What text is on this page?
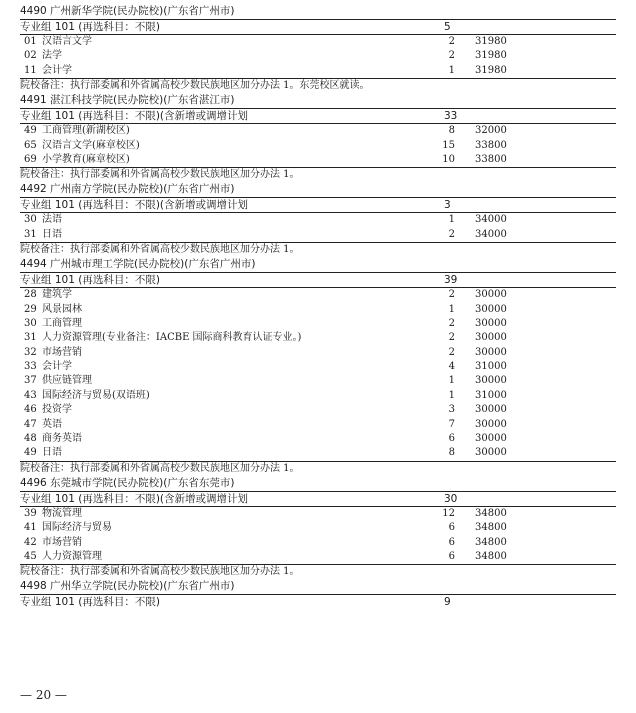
4490 广州新华学院(民办院校)(广东省广州市)
专业组 101 (再选科目：不限)	5
01 汉语言文学	2 31980
02 法学	2 31980
11 会计学	1 31980
院校备注：执行部委属和外省属高校少数民族地区加分办法 1。东莞校区就读。
4491 湛江科技学院(民办院校)(广东省湛江市)
专业组 101 (再选科目：不限)(含新增或调增计划	33
49 工商管理(新湖校区)	8 32000
65 汉语言文学(麻章校区)	15 33800
69 小学教育(麻章校区)	10 33800
院校备注：执行部委属和外省属高校少数民族地区加分办法 1。
4492 广州南方学院(民办院校)(广东省广州市)
专业组 101 (再选科目：不限)(含新增或调增计划	3
30 法语	1 34000
31 日语	2 34000
院校备注：执行部委属和外省属高校少数民族地区加分办法 1。
4494 广州城市理工学院(民办院校)(广东省广州市)
专业组 101 (再选科目：不限)	39
28 建筑学	2 30000
29 风景园林	1 30000
30 工商管理	2 30000
31 人力资源管理(专业备注：IACBE 国际商科教育认证专业。)	2 30000
32 市场营销	2 30000
33 会计学	4 31000
37 供应链管理	1 30000
43 国际经济与贸易(双语班)	1 31000
46 投资学	3 30000
47 英语	7 30000
48 商务英语	6 30000
49 日语	8 30000
院校备注：执行部委属和外省属高校少数民族地区加分办法 1。
4496 东莞城市学院(民办院校)(广东省东莞市)
专业组 101 (再选科目：不限)(含新增或调增计划	30
39 物流管理	12 34800
41 国际经济与贸易	6 34800
42 市场营销	6 34800
45 人力资源管理	6 34800
院校备注：执行部委属和外省属高校少数民族地区加分办法 1。
4498 广州华立学院(民办院校)(广东省广州市)
专业组 101 (再选科目：不限)	9
— 20 —
